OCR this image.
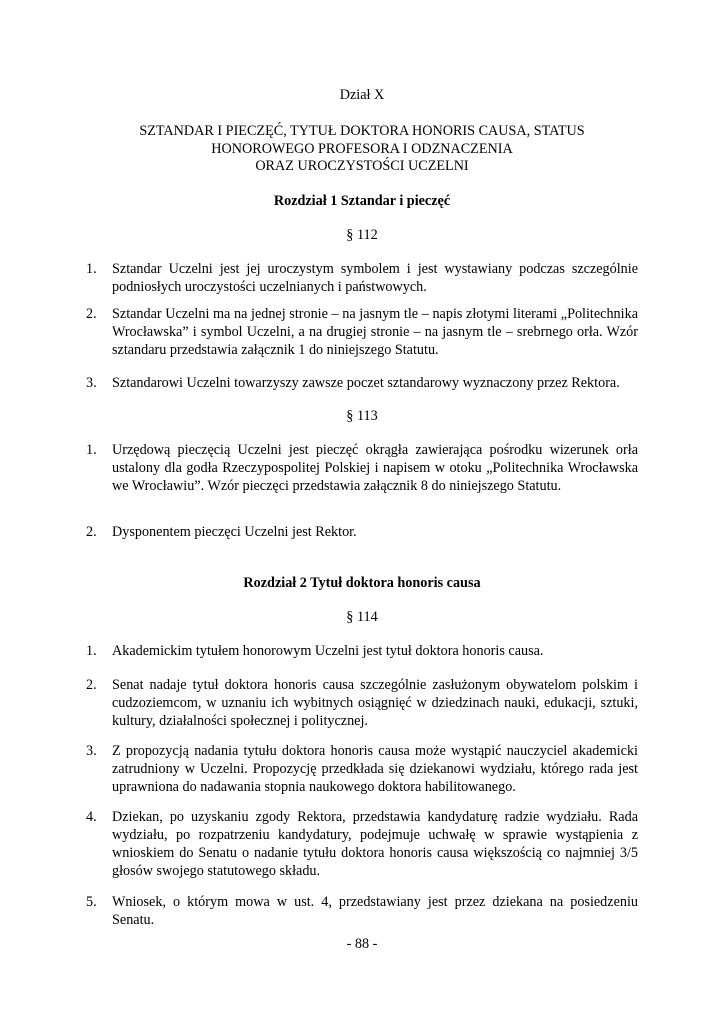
Dział X
SZTANDAR I PIECZĘĆ, TYTUŁ DOKTORA HONORIS CAUSA, STATUS
HONOROWEGO PROFESORA I ODZNACZENIA
ORAZ UROCZYSTOŚCI UCZELNI
Rozdział 1 Sztandar i pieczęć
§ 112
1. Sztandar Uczelni jest jej uroczystym symbolem i jest wystawiany podczas szczególnie podniosłych uroczystości uczelnianych i państwowych.
2. Sztandar Uczelni ma na jednej stronie – na jasnym tle – napis złotymi literami „Politechnika Wrocławska” i symbol Uczelni, a na drugiej stronie – na jasnym tle – srebrnego orła. Wzór sztandaru przedstawia załącznik 1 do niniejszego Statutu.
3. Sztandarowi Uczelni towarzyszy zawsze poczet sztandarowy wyznaczony przez Rektora.
§ 113
1. Urzędową pieczęcią Uczelni jest pieczęć okrągła zawierająca pośrodku wizerunek orła ustalony dla godła Rzeczypospolitej Polskiej i napisem w otoku „Politechnika Wrocławska we Wrocławiu”. Wzór pieczęci przedstawia załącznik 8 do niniejszego Statutu.
2. Dysponentem pieczęci Uczelni jest Rektor.
Rozdział 2 Tytuł doktora honoris causa
§ 114
1. Akademickim tytułem honorowym Uczelni jest tytuł doktora honoris causa.
2. Senat nadaje tytuł doktora honoris causa szczególnie zasłużonym obywatelom polskim i cudzoziemcom, w uznaniu ich wybitnych osiągnięć w dziedzinach nauki, edukacji, sztuki, kultury, działalności społecznej i politycznej.
3. Z propozycją nadania tytułu doktora honoris causa może wystąpić nauczyciel akademicki zatrudniony w Uczelni. Propozycję przedkłada się dziekanowi wydziału, którego rada jest uprawniona do nadawania stopnia naukowego doktora habilitowanego.
4. Dziekan, po uzyskaniu zgody Rektora, przedstawia kandydaturę radzie wydziału. Rada wydziału, po rozpatrzeniu kandydatury, podejmuje uchwałę w sprawie wystąpienia z wnioskiem do Senatu o nadanie tytułu doktora honoris causa większością co najmniej 3/5 głosów swojego statutowego składu.
5. Wniosek, o którym mowa w ust. 4, przedstawiany jest przez dziekana na posiedzeniu Senatu.
- 88 -
